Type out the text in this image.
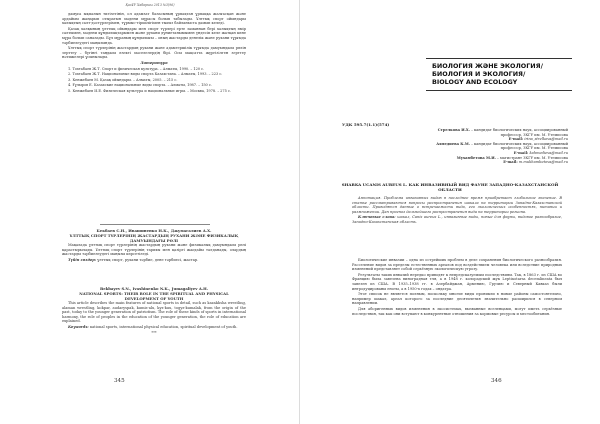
ҚазҰУ Хабаршы 2013 №3(96)

дамуға ықпалын тигізетінін, ол адамзат баласының ұрпақтан ұрпаққа жалғасқан және әрдайым жаңарып отыратын мәдени мұрасы болып табылады. Ұлттық спорт ойындары халықтың салт-дәстүрлерімен, тұрмыс-тіршілігімен тығыз байланыста дамып келеді.

Қазақ халқының ұлттық ойындары мен спорт түрлері ерте заманнан бері халықтың өмір салтымен, мәдени құндылықтарымен және рухани дүниетанымымен үндесіп келе жатқан көне мұра болып саналады. Бұл мұраның құндылығы – оның жастарды денелік және рухани тұрғыда тәрбиелеудегі маңызында.

Ұлттық спорт түрлерінің жастардың рухани және адамгершілік тұрғыда дамуындағы рөлін зерттеу – бүгінгі таңдағы өзекті мәселелердің бірі. Осы мақсатта жүргізілген зерттеу нәтижелері ұсынылады.

Литература

1. Тохтабаев Ж.Т. Спорт и физическая культура. – Алматы, 1990. – 120 с.

2. Тохтабаев Ж.Т. Национальные виды спорта Казахстана. – Алматы, 1993. – 223 с.

3. Кенжебаев М. Қазақ ойындары. – Алматы, 2005. – 215 с.

4. Ғұлыров Е. Казахские национальные виды спорта. – Алматы, 1987. – 150 с.

5. Кенжебаев И.Е. Физическая культура и национальные игры. – Москва, 1978. – 275 с.

Бекбаев С.Н., Ивашиненко Н.К., Джумагалиев А.Х.
ҰЛТТЫҚ СПОРТ ТҮРЛЕРІНІҢ ЖАСТАРДЫҢ РУХАНИ ЖӘНЕ ФИЗИКАЛЫҚ ДАМУЫНДАҒЫ РӨЛІ

Мақалада ұлттық спорт түрлерінің жастардың рухани және физикалық дамуындағы рөлі қарастырылады. Ұлттық спорт түрлерінің тарихы мен қазіргі жағдайы талданады, олардың жастарды тәрбиелеудегі маңызы көрсетіледі.

Түйін сөздер: ұлттық спорт, рухани тәрбие, дене тәрбиесі, жастар.

Bekbayev S.N., Ivashinenko N.K., Jumagaliyev A.H.
NATIONAL SPORTS: THEIR ROLE IN THE SPIRITUAL AND PHYSICAL DEVELOPMENT OF YOUTH

This article describes the main features of national sports in detail, such as kazakhsha wrestling, alaman wrestling, kokpar, audaryspak, kumis-alu, kyz-kuu, togyz-kumalak, from the origin of the past, today to the younger generation of patriotism. The role of these kinds of sports in international harmony, the role of peoples in the education of the younger generation, the role of education are explained.

Keywords: national sports, international physical education, spiritual development of youth.

***
345
БИОЛОГИЯ ЖӘНЕ ЭКОЛОГИЯ/
БИОЛОГИЯ И ЭКОЛОГИЯ/
BIOLOGY AND ECOLOGY
УДК 595.7(1.1)(574)
Стрелкова И.Х. – кандидат биологических наук, ассоциированный профессор, ЗКГУ им. М. Утемисова
E-mail: irina_strelkova@mail.ru
Ахмедиева К.М. – кандидат биологических наук, ассоциированный профессор, ЗКГУ им. М. Утемисова
E-mail: kahmedieva@mail.ru
Мухамбетова М.И. – магистрант ЗКГУ им. М. Утемисова
E-mail: m.mukhambetova@mail.ru
SHARKA UCANIS AUREUS L. КАК ИНВАЗИВНЫЙ ВИД ФАУНЕ ЗАПАДНО-КАЗАХСТАНСКОЙ ОБЛАСТИ

Аннотация. Проблема инвазивных видов в последнее время приобретает глобальное значение. В статье рассматриваются вопросы распространения шакала на территории Западно-Казахстанской области. Приводятся данные о встречаемости вида, его экологических особенностях, питании и размножении. Дан прогноз дальнейшего распространения вида на территории региона.

Ключевые слова: шакал, Canis aureus L., инвазивные виды, новые для фауны, видовое разнообразие, Западно-Казахстанская область.

Биологические инвазии – одна из острейших проблем в деле сохранения биологического разнообразия. Расселение видов за пределы естественных ареалов под воздействием человека или вследствие природных изменений представляет собой серьёзную экологическую угрозу.

Результаты таких инвазий нередко приводят к непредсказуемым последствиям. Так, в 1863 г. из США во Францию была завезена виноградная тля, а в 1948 г. колорадский жук Leptinotarsa decemlineata был завезен из США. В 1935–1938 гг. в Азербайджан, Армению, Грузию и Северный Кавказ были интродуцированы еноты, а в 1950-х годах – ондатра.

Этот список не является полным, поскольку многие виды проникли в новые районы самостоятельно, например шакал, ареал которого за последние десятилетия значительно расширился в северном направлении.

Для аборигенных видов изменения в экосистемах, вызванные вселенцами, могут иметь серьёзные последствия, так как они вступают в конкурентные отношения за кормовые ресурсы и местообитания.

346
